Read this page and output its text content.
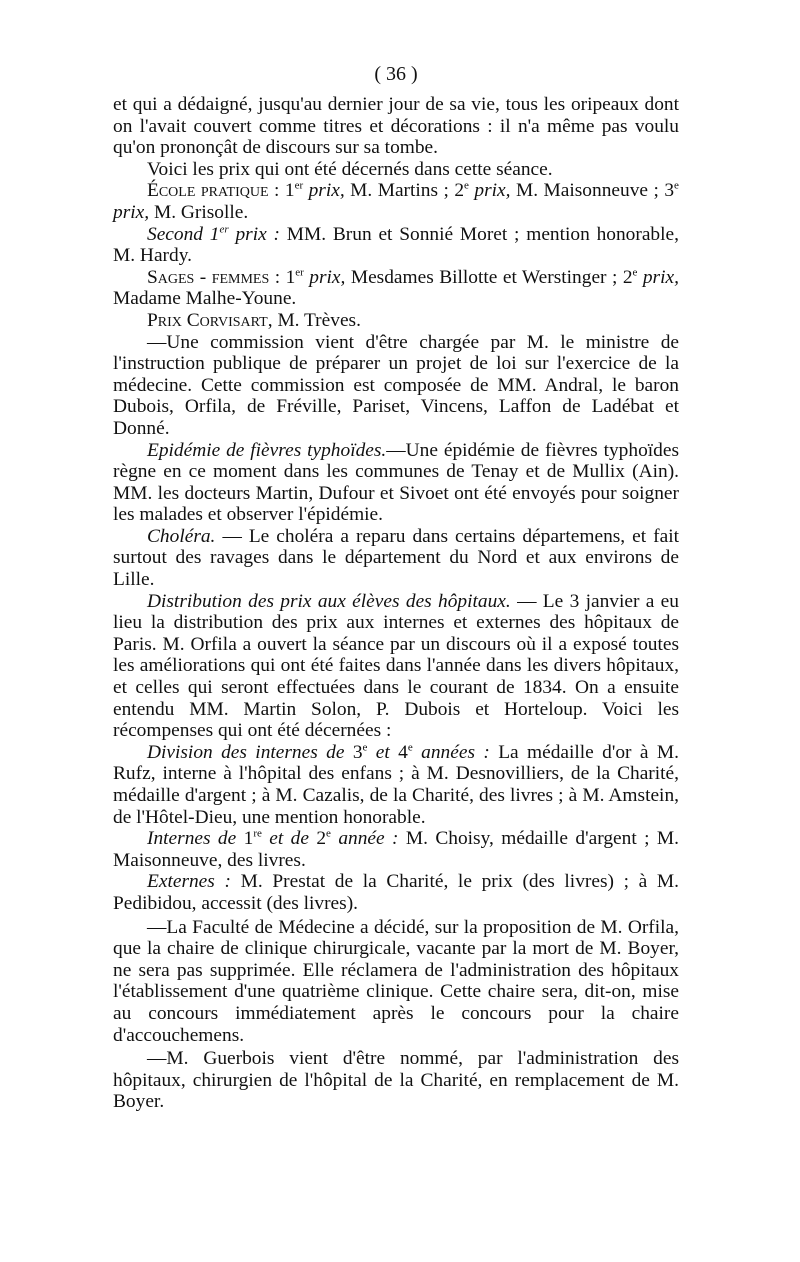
( 36 )

et qui a dédaigné, jusqu'au dernier jour de sa vie, tous les oripeaux dont on l'avait couvert comme titres et décorations : il n'a même pas voulu qu'on prononçât de discours sur sa tombe.

Voici les prix qui ont été décernés dans cette séance.

École pratique : 1er prix, M. Martins ; 2e prix, M. Maisonneuve ; 3e prix, M. Grisolle.

Second 1er prix : MM. Brun et Sonnié Moret ; mention honorable, M. Hardy.

Sages - femmes : 1er prix, Mesdames Billotte et Werstinger ; 2e prix, Madame Malhe-Youne.

Prix Corvisart, M. Trèves.

—Une commission vient d'être chargée par M. le ministre de l'instruction publique de préparer un projet de loi sur l'exercice de la médecine. Cette commission est composée de MM. Andral, le baron Dubois, Orfila, de Fréville, Pariset, Vincens, Laffon de Ladébat et Donné.

Epidémie de fièvres typhoïdes.—Une épidémie de fièvres typhoïdes règne en ce moment dans les communes de Tenay et de Mullix (Ain). MM. les docteurs Martin, Dufour et Sivoet ont été envoyés pour soigner les malades et observer l'épidémie.

Choléra. — Le choléra a reparu dans certains départemens, et fait surtout des ravages dans le département du Nord et aux environs de Lille.

Distribution des prix aux élèves des hôpitaux. — Le 3 janvier a eu lieu la distribution des prix aux internes et externes des hôpitaux de Paris. M. Orfila a ouvert la séance par un discours où il a exposé toutes les améliorations qui ont été faites dans l'année dans les divers hôpitaux, et celles qui seront effectuées dans le courant de 1834. On a ensuite entendu MM. Martin Solon, P. Dubois et Horteloup. Voici les récompenses qui ont été décernées :

Division des internes de 3e et 4e années : La médaille d'or à M. Rufz, interne à l'hôpital des enfans ; à M. Desnovilliers, de la Charité, médaille d'argent ; à M. Cazalis, de la Charité, des livres ; à M. Amstein, de l'Hôtel-Dieu, une mention honorable.

Internes de 1re et de 2e année : M. Choisy, médaille d'argent ; M. Maisonneuve, des livres.

Externes : M. Prestat de la Charité, le prix (des livres) ; à M. Pedibidou, accessit (des livres).

—La Faculté de Médecine a décidé, sur la proposition de M. Orfila, que la chaire de clinique chirurgicale, vacante par la mort de M. Boyer, ne sera pas supprimée. Elle réclamera de l'administration des hôpitaux l'établissement d'une quatrième clinique. Cette chaire sera, dit-on, mise au concours immédiatement après le concours pour la chaire d'accouchemens.

—M. Guerbois vient d'être nommé, par l'administration des hôpitaux, chirurgien de l'hôpital de la Charité, en remplacement de M. Boyer.
